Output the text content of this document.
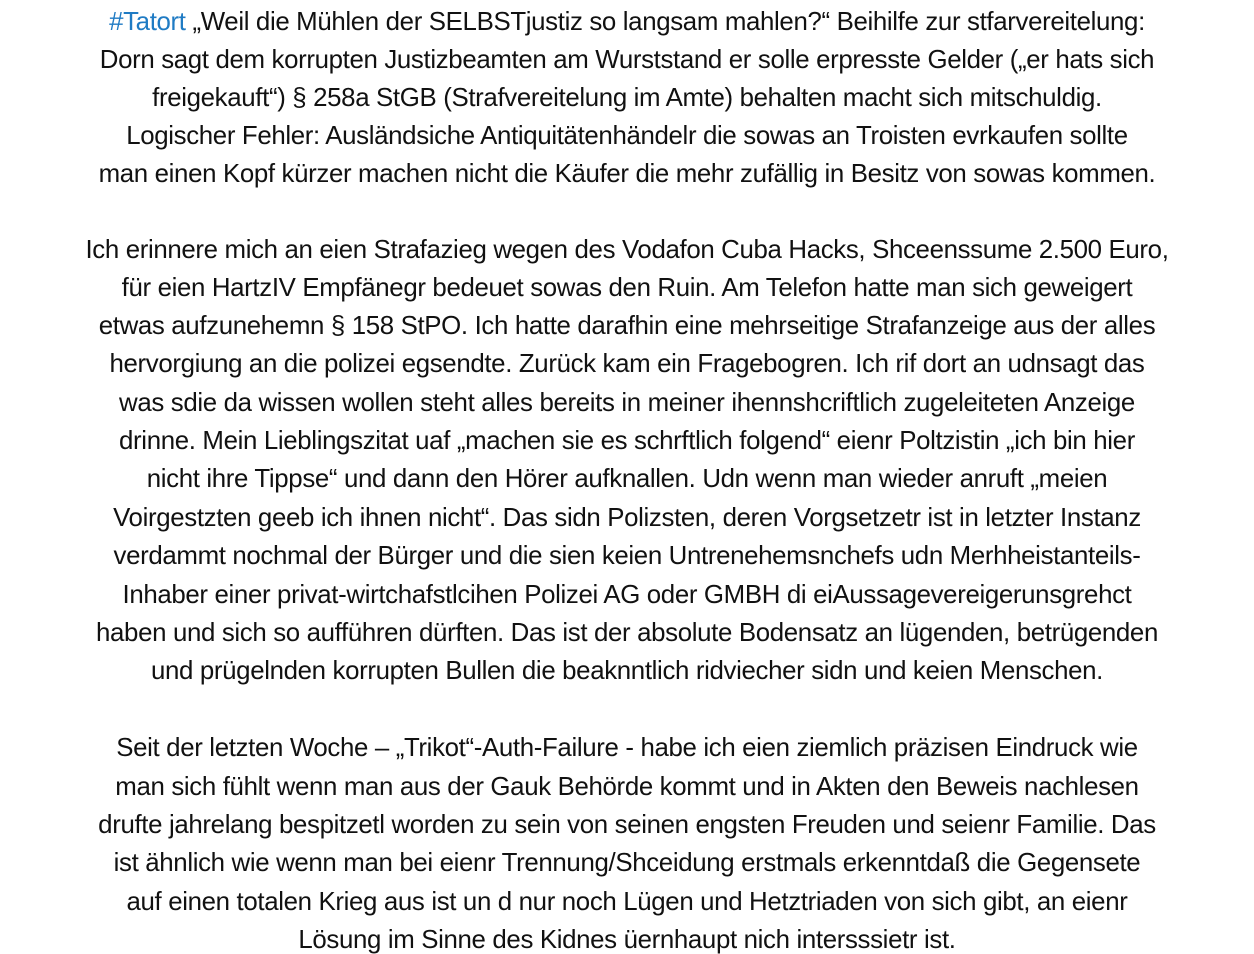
#Tatort „Weil die Mühlen der SELBSTjustiz so langsam mahlen?“ Beihilfe zur stfarvereitelung:
Dorn sagt dem korrupten Justizbeamten am Wurststand er solle erpresste Gelder („er hats sich
freigekauft“) § 258a StGB (Strafvereitelung im Amte) behalten macht sich mitschuldig.
Logischer Fehler: Ausländsiche Antiquitätenhändelr die sowas an Troisten evrkaufen sollte
man einen Kopf kürzer machen nicht die Käufer die mehr zufällig in Besitz von sowas kommen.
Ich erinnere mich an eien Strafazieg wegen des Vodafon Cuba Hacks, Shceenssume 2.500 Euro,
für eien HartzIV Empfänegr bedeuet sowas den Ruin. Am Telefon hatte man sich geweigert
etwas aufzunehemn § 158 StPO. Ich hatte darafhin eine mehrseitige Strafanzeige aus der alles
hervorgiung an die polizei egsendte. Zurück kam ein Fragebogren. Ich rif dort an udnsagt das
was sdie da wissen wollen steht alles bereits in meiner ihennshcriftlich zugeleiteten Anzeige
drinne. Mein Lieblingszitat uaf „machen sie es schrftlich folgend“ eienr Poltzistin „ich bin hier
nicht ihre Tippse“ und dann den Hörer aufknallen. Udn wenn man wieder anruft „meien
Voirgestzten geeb ich ihnen nicht“. Das sidn Polizsten, deren Vorgsetzetr ist in letzter Instanz
verdammt nochmal der Bürger und die sien keien Untrenehemsnchefs udn Merhheistanteils-
Inhaber einer privat-wirtchafstlcihen Polizei AG oder GMBH di eiAussagevereigerunsgrehct
haben und sich so aufführen dürften. Das ist der absolute Bodensatz an lügenden, betrügenden
und prügelnden korrupten Bullen die beaknntlich ridviecher sidn und keien Menschen.
Seit der letzten Woche – „Trikot“-Auth-Failure - habe ich eien ziemlich präzisen Eindruck wie
man sich fühlt wenn man aus der Gauk Behörde kommt und in Akten den Beweis nachlesen
drufte jahrelang bespitzetl worden zu sein von seinen engsten Freuden und seienr Familie. Das
ist ähnlich wie wenn man bei eienr Trennung/Shceidung erstmals erkenntdaß die Gegensete
auf einen totalen Krieg aus ist un d nur noch Lügen und Hetztriaden von sich gibt, an eienr
Lösung im Sinne des Kidnes üernhaupt nich intersssietr ist.
